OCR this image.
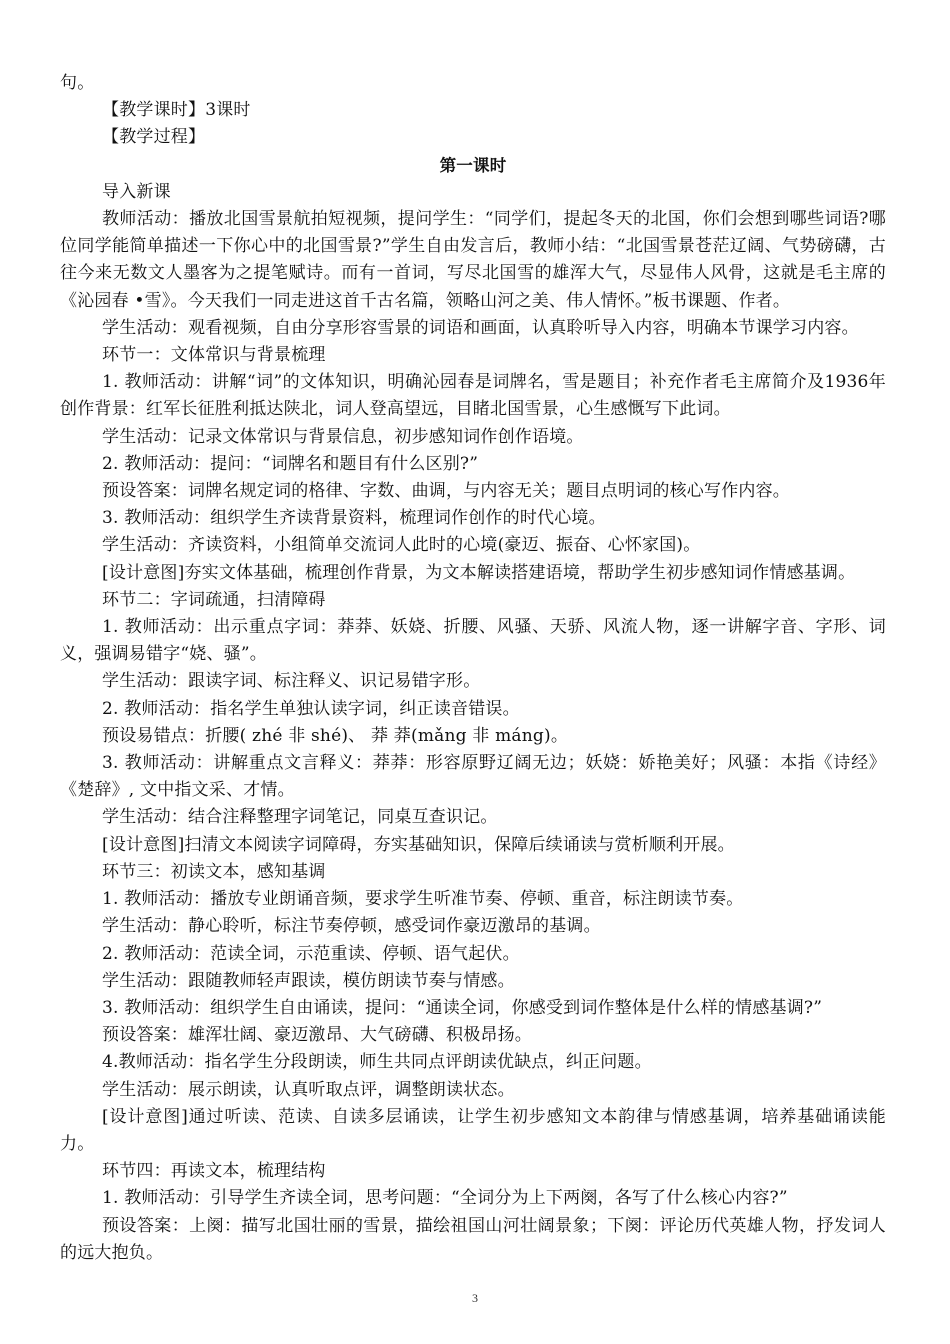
句。

【教学课时】3课时

【教学过程】

第一课时

导入新课

教师活动：播放北国雪景航拍短视频，提问学生：“同学们，提起冬天的北国，你们会想到哪些词语?哪位同学能简单描述一下你心中的北国雪景?”学生自由发言后，教师小结：“北国雪景苍茫辽阔、气势磅礴，古往今来无数文人墨客为之提笔赋诗。而有一首词，写尽北国雪的雄浑大气，尽显伟人风骨，这就是毛主席的《沁园春 •雪》。今天我们一同走进这首千古名篇，领略山河之美、伟人情怀。”板书课题、作者。

学生活动：观看视频，自由分享形容雪景的词语和画面，认真聆听导入内容，明确本节课学习内容。

环节一：文体常识与背景梳理

1. 教师活动：讲解“词”的文体知识，明确沁园春是词牌名，雪是题目；补充作者毛主席简介及1936年创作背景：红军长征胜利抵达陕北，词人登高望远，目睹北国雪景，心生感慨写下此词。

学生活动：记录文体常识与背景信息，初步感知词作创作语境。

2. 教师活动：提问：“词牌名和题目有什么区别?”

预设答案：词牌名规定词的格律、字数、曲调，与内容无关；题目点明词的核心写作内容。

3. 教师活动：组织学生齐读背景资料，梳理词作创作的时代心境。

学生活动：齐读资料，小组简单交流词人此时的心境(豪迈、振奋、心怀家国)。

[设计意图]夯实文体基础，梳理创作背景，为文本解读搭建语境，帮助学生初步感知词作情感基调。

环节二：字词疏通，扫清障碍

1. 教师活动：出示重点字词：莽莽、妖娆、折腰、风骚、天骄、风流人物，逐一讲解字音、字形、词义，强调易错字“娆、骚”。

学生活动：跟读字词、标注释义、识记易错字形。

2. 教师活动：指名学生单独认读字词，纠正读音错误。

预设易错点：折腰( zhé 非 shé)、 莽 莽(mǎng 非 máng)。

3. 教师活动：讲解重点文言释义：莽莽：形容原野辽阔无边；妖娆：娇艳美好；风骚：本指《诗经》《楚辞》, 文中指文采、才情。

学生活动：结合注释整理字词笔记，同桌互查识记。

[设计意图]扫清文本阅读字词障碍，夯实基础知识，保障后续诵读与赏析顺利开展。

环节三：初读文本，感知基调

1. 教师活动：播放专业朗诵音频，要求学生听准节奏、停顿、重音，标注朗读节奏。

学生活动：静心聆听，标注节奏停顿，感受词作豪迈激昂的基调。

2. 教师活动：范读全词，示范重读、停顿、语气起伏。

学生活动：跟随教师轻声跟读，模仿朗读节奏与情感。

3. 教师活动：组织学生自由诵读，提问：“通读全词，你感受到词作整体是什么样的情感基调?”

预设答案：雄浑壮阔、豪迈激昂、大气磅礴、积极昂扬。

4.教师活动：指名学生分段朗读，师生共同点评朗读优缺点，纠正问题。

学生活动：展示朗读，认真听取点评，调整朗读状态。

[设计意图]通过听读、范读、自读多层诵读，让学生初步感知文本韵律与情感基调，培养基础诵读能力。

环节四：再读文本，梳理结构

1. 教师活动：引导学生齐读全词，思考问题：“全词分为上下两阕，各写了什么核心内容?”

预设答案：上阕：描写北国壮丽的雪景，描绘祖国山河壮阔景象；下阕：评论历代英雄人物，抒发词人的远大抱负。

3
